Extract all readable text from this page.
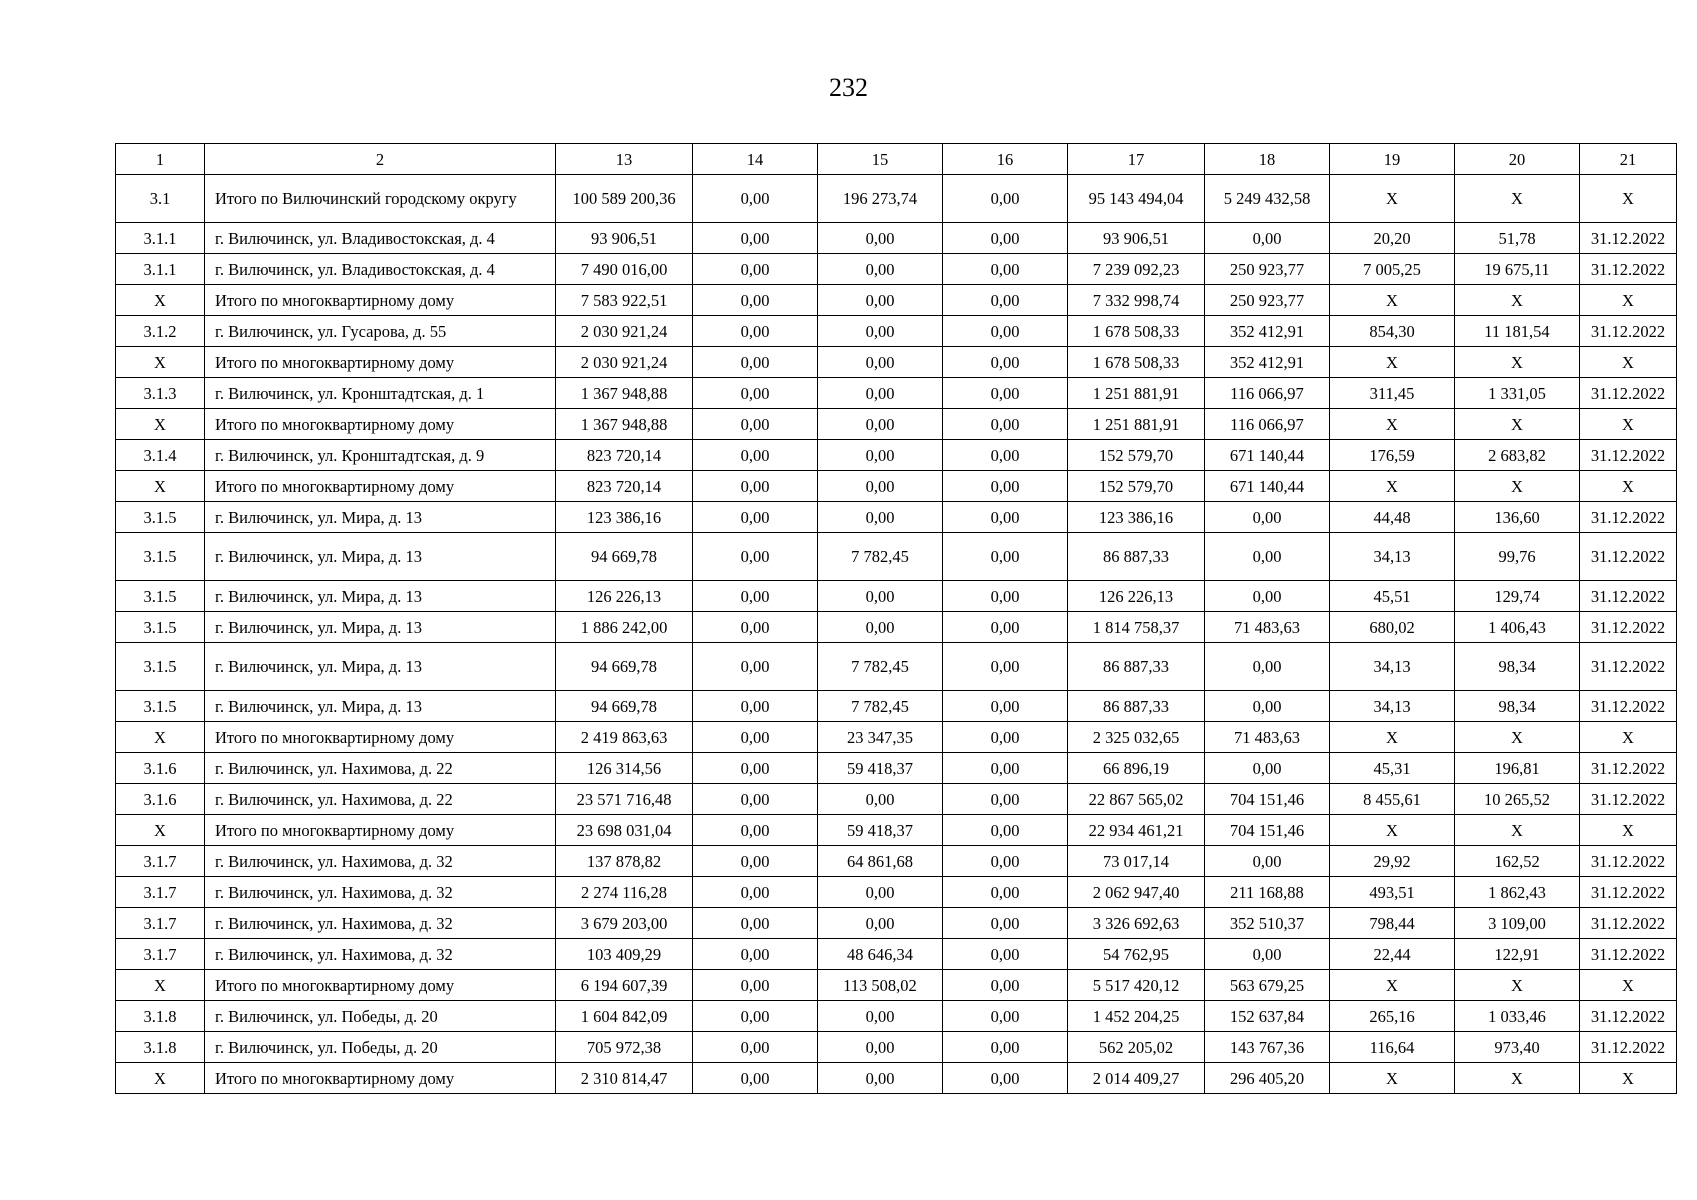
232
1	2	13	14	15	16	17	18	19	20	21
3.1	Итого по Вилючинский городскому округу	100 589 200,36	0,00	196 273,74	0,00	95 143 494,04	5 249 432,58	X	X	X
3.1.1	г. Вилючинск, ул. Владивостокская, д. 4	93 906,51	0,00	0,00	0,00	93 906,51	0,00	20,20	51,78	31.12.2022
3.1.1	г. Вилючинск, ул. Владивостокская, д. 4	7 490 016,00	0,00	0,00	0,00	7 239 092,23	250 923,77	7 005,25	19 675,11	31.12.2022
X	Итого по многоквартирному дому	7 583 922,51	0,00	0,00	0,00	7 332 998,74	250 923,77	X	X	X
3.1.2	г. Вилючинск, ул. Гусарова, д. 55	2 030 921,24	0,00	0,00	0,00	1 678 508,33	352 412,91	854,30	11 181,54	31.12.2022
X	Итого по многоквартирному дому	2 030 921,24	0,00	0,00	0,00	1 678 508,33	352 412,91	X	X	X
3.1.3	г. Вилючинск, ул. Кронштадтская, д. 1	1 367 948,88	0,00	0,00	0,00	1 251 881,91	116 066,97	311,45	1 331,05	31.12.2022
X	Итого по многоквартирному дому	1 367 948,88	0,00	0,00	0,00	1 251 881,91	116 066,97	X	X	X
3.1.4	г. Вилючинск, ул. Кронштадтская, д. 9	823 720,14	0,00	0,00	0,00	152 579,70	671 140,44	176,59	2 683,82	31.12.2022
X	Итого по многоквартирному дому	823 720,14	0,00	0,00	0,00	152 579,70	671 140,44	X	X	X
3.1.5	г. Вилючинск, ул. Мира, д. 13	123 386,16	0,00	0,00	0,00	123 386,16	0,00	44,48	136,60	31.12.2022
3.1.5	г. Вилючинск, ул. Мира, д. 13	94 669,78	0,00	7 782,45	0,00	86 887,33	0,00	34,13	99,76	31.12.2022
3.1.5	г. Вилючинск, ул. Мира, д. 13	126 226,13	0,00	0,00	0,00	126 226,13	0,00	45,51	129,74	31.12.2022
3.1.5	г. Вилючинск, ул. Мира, д. 13	1 886 242,00	0,00	0,00	0,00	1 814 758,37	71 483,63	680,02	1 406,43	31.12.2022
3.1.5	г. Вилючинск, ул. Мира, д. 13	94 669,78	0,00	7 782,45	0,00	86 887,33	0,00	34,13	98,34	31.12.2022
3.1.5	г. Вилючинск, ул. Мира, д. 13	94 669,78	0,00	7 782,45	0,00	86 887,33	0,00	34,13	98,34	31.12.2022
X	Итого по многоквартирному дому	2 419 863,63	0,00	23 347,35	0,00	2 325 032,65	71 483,63	X	X	X
3.1.6	г. Вилючинск, ул. Нахимова, д. 22	126 314,56	0,00	59 418,37	0,00	66 896,19	0,00	45,31	196,81	31.12.2022
3.1.6	г. Вилючинск, ул. Нахимова, д. 22	23 571 716,48	0,00	0,00	0,00	22 867 565,02	704 151,46	8 455,61	10 265,52	31.12.2022
X	Итого по многоквартирному дому	23 698 031,04	0,00	59 418,37	0,00	22 934 461,21	704 151,46	X	X	X
3.1.7	г. Вилючинск, ул. Нахимова, д. 32	137 878,82	0,00	64 861,68	0,00	73 017,14	0,00	29,92	162,52	31.12.2022
3.1.7	г. Вилючинск, ул. Нахимова, д. 32	2 274 116,28	0,00	0,00	0,00	2 062 947,40	211 168,88	493,51	1 862,43	31.12.2022
3.1.7	г. Вилючинск, ул. Нахимова, д. 32	3 679 203,00	0,00	0,00	0,00	3 326 692,63	352 510,37	798,44	3 109,00	31.12.2022
3.1.7	г. Вилючинск, ул. Нахимова, д. 32	103 409,29	0,00	48 646,34	0,00	54 762,95	0,00	22,44	122,91	31.12.2022
X	Итого по многоквартирному дому	6 194 607,39	0,00	113 508,02	0,00	5 517 420,12	563 679,25	X	X	X
3.1.8	г. Вилючинск, ул. Победы, д. 20	1 604 842,09	0,00	0,00	0,00	1 452 204,25	152 637,84	265,16	1 033,46	31.12.2022
3.1.8	г. Вилючинск, ул. Победы, д. 20	705 972,38	0,00	0,00	0,00	562 205,02	143 767,36	116,64	973,40	31.12.2022
X	Итого по многоквартирному дому	2 310 814,47	0,00	0,00	0,00	2 014 409,27	296 405,20	X	X	X
